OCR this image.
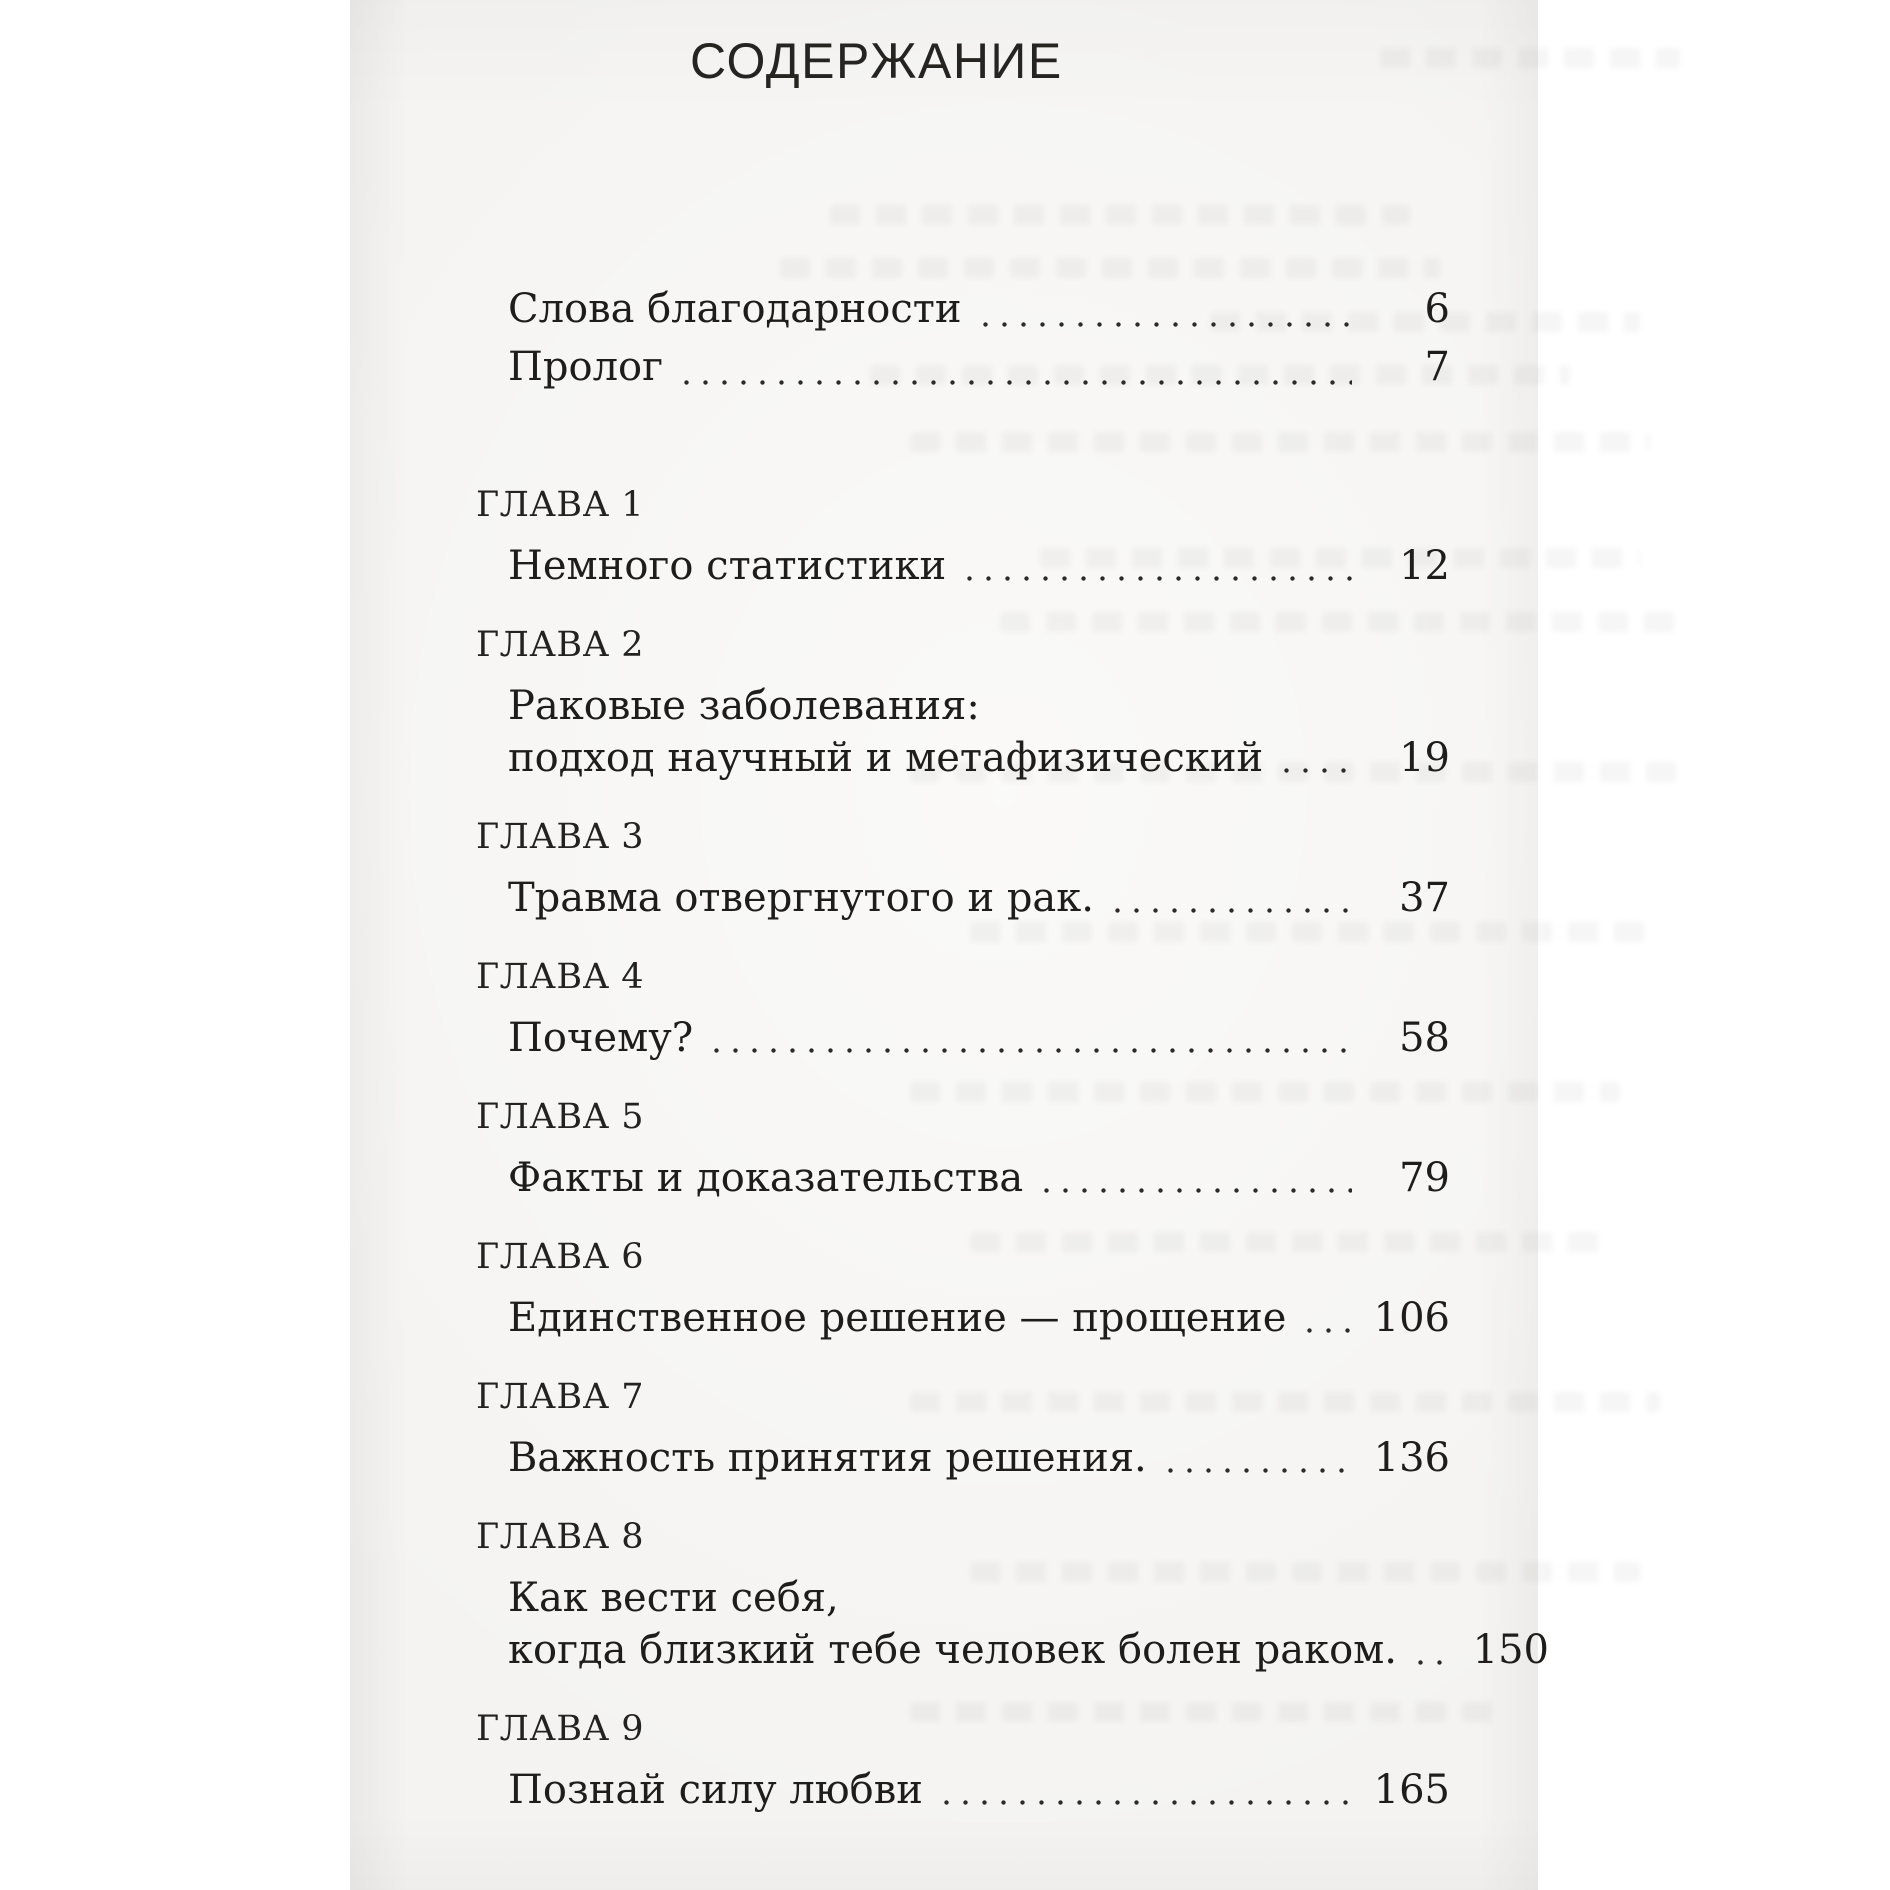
СОДЕРЖАНИЕ
Слова благодарности	6
Пролог	7
ГЛАВА 1
Немного статистики	12
ГЛАВА 2
Раковые заболевания:
подход научный и метафизический	19
ГЛАВА 3
Травма отвергнутого и рак.	37
ГЛАВА 4
Почему?	58
ГЛАВА 5
Факты и доказательства	79
ГЛАВА 6
Единственное решение — прощение 106
ГЛАВА 7
Важность принятия решения.	136
ГЛАВА 8
Как вести себя,
когда близкий тебе человек болен раком. 150
ГЛАВА 9
Познай силу любви	165
